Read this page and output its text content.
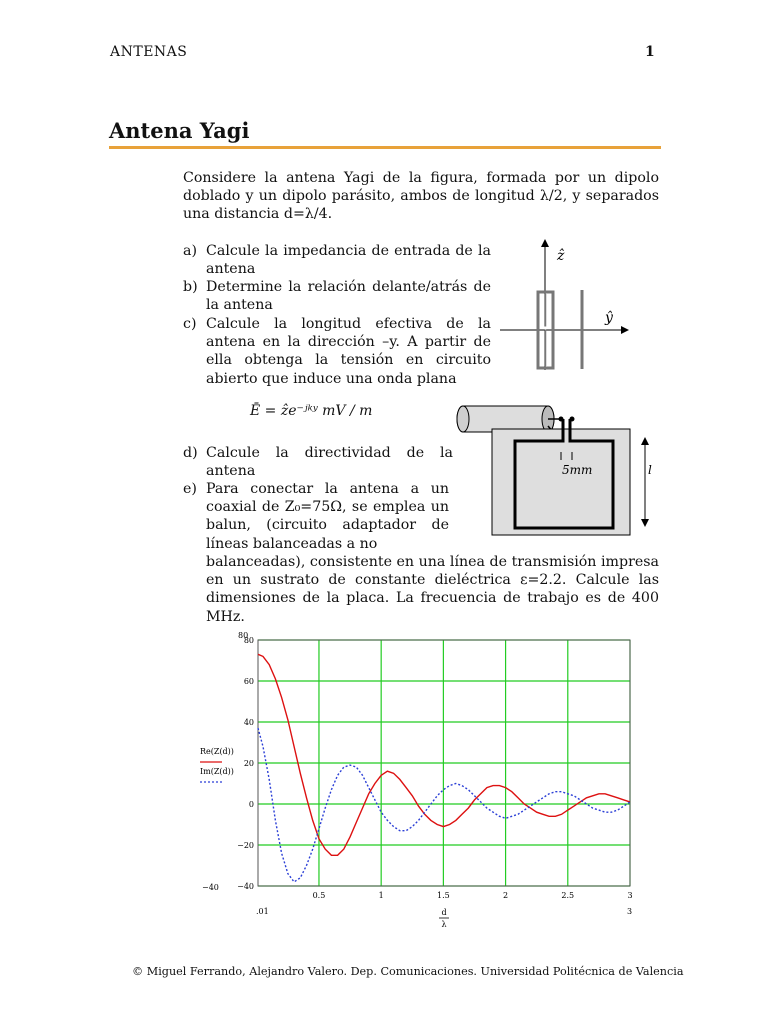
ANTENAS	1
Antena Yagi
Considere la antena Yagi de la figura, formada por un dipolo doblado y un dipolo parásito, ambos de longitud λ/2, y separados una distancia d=λ/4.
a) Calcule la impedancia de entrada de la antena
b) Determine la relación delante/atrás de la antena
c) Calcule la longitud efectiva de la antena en la dirección –y. A partir de ella obtenga la tensión en circuito abierto que induce una onda plana
Ē = ẑe⁻ʲᵏʸ mV / m
d) Calcule la directividad de la antena
e) Para conectar la antena a un coaxial de Z₀=75Ω, se emplea un balun, (circuito adaptador de líneas balanceadas a no
balanceadas), consistente en una línea de transmisión impresa en un sustrato de constante dieléctrica ε=2.2. Calcule las dimensiones de la placa. La frecuencia de trabajo es de 400 MHz.
ẑ
ŷ
5mm	l
0.5	1	1.5	2	2.5	3
80
60
40
20
0
−20
−40
80
−40
.01	3
d
λ
Re(Z(d))
Im(Z(d))
© Miguel Ferrando, Alejandro Valero. Dep. Comunicaciones. Universidad Politécnica de Valencia
